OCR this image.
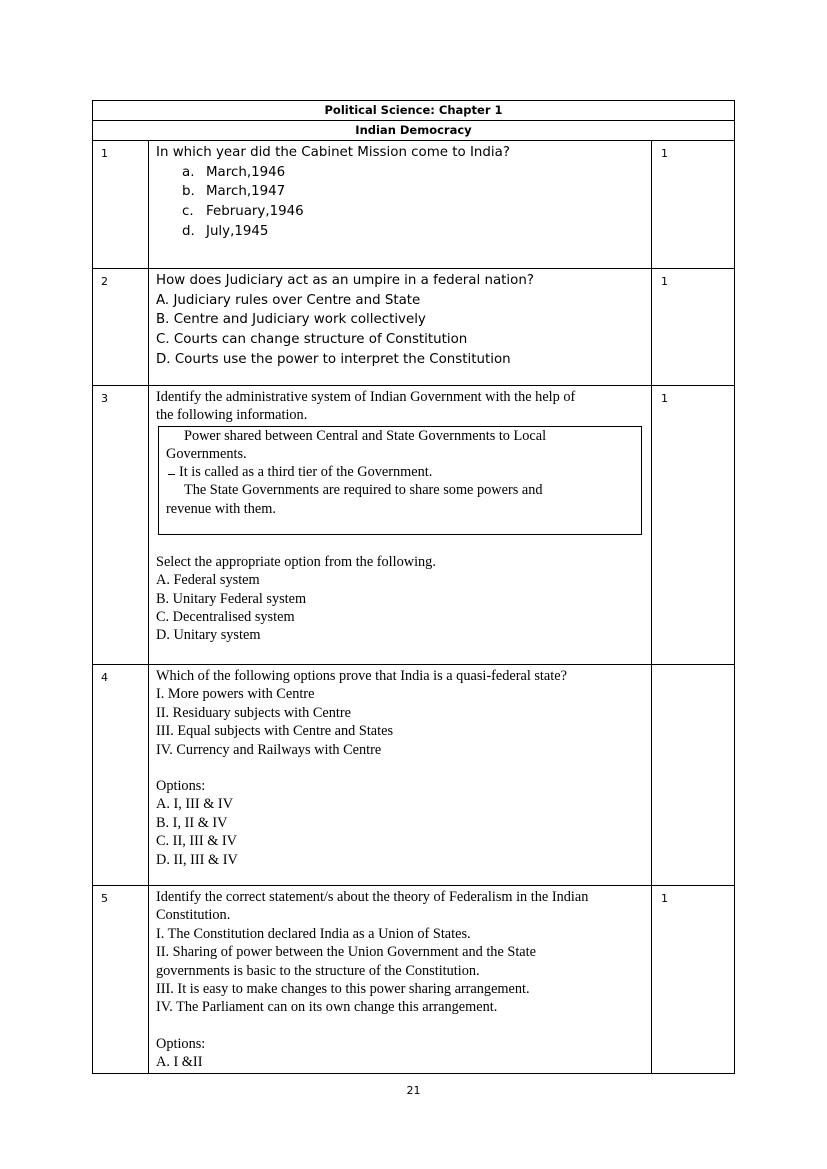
Political Science: Chapter 1
Indian Democracy
1	In which year did the Cabinet Mission come to India?
a. March,1946
b. March,1947
c. February,1946
d. July,1945
1
2	How does Judiciary act as an umpire in a federal nation?
A. Judiciary rules over Centre and State
B. Centre and Judiciary work collectively
C. Courts can change structure of Constitution
D. Courts use the power to interpret the Constitution
1
3	Identify the administrative system of Indian Government with the help of
the following information.
Power shared between Central and State Governments to Local
Governments.
It is called as a third tier of the Government.
The State Governments are required to share some powers and
revenue with them.
Select the appropriate option from the following.
A. Federal system
B. Unitary Federal system
C. Decentralised system
D. Unitary system
1
4	Which of the following options prove that India is a quasi-federal state?
I. More powers with Centre
II. Residuary subjects with Centre
III. Equal subjects with Centre and States
IV. Currency and Railways with Centre
Options:
A. I, III & IV
B. I, II & IV
C. II, III & IV
D. II, III & IV
5	Identify the correct statement/s about the theory of Federalism in the Indian
Constitution.
I. The Constitution declared India as a Union of States.
II. Sharing of power between the Union Government and the State
governments is basic to the structure of the Constitution.
III. It is easy to make changes to this power sharing arrangement.
IV. The Parliament can on its own change this arrangement.
Options:
A. I &II
1
21
